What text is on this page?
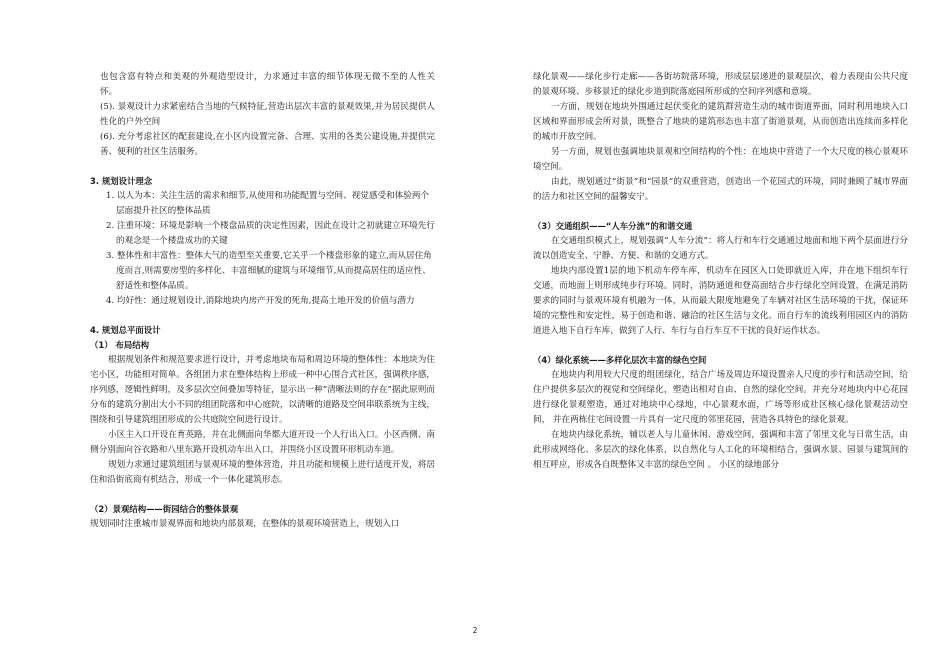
也包含富有特点和美观的外观造型设计，力求通过丰富的细节体现无微不至的人性关怀。

(5). 景观设计力求紧密结合当地的气候特征,营造出层次丰富的景观效果,并为居民提供人性化的户外空间

(6). 充分考虑社区的配套建设,在小区内设置完备、合理、实用的各类公建设施,并提供完善、便利的社区生活服务。

3. 规划设计理念

1. 以人为本：关注生活的需求和细节,从使用和功能配置与空间、视觉感受和体验两个层面提升社区的整体品质

2. 注重环境：环境是影响一个楼盘品质的决定性因素，因此在设计之初就建立环境先行的观念是一个楼盘成功的关键

3. 整体性和丰富性：整体大气的造型至关重要,它关乎一个楼盘形象的建立,而从居住角度而言,则需要房型的多样化、丰富细腻的建筑与环境细节,从而提高居住的适应性、舒适性和整体品质。

4. 均好性：通过规划设计,消除地块内房产开发的死角,提高土地开发的价值与潜力

4. 规划总平面设计

（1） 布局结构

根据规划条件和规范要求进行设计，并考虑地块布局和周边环境的整体性：本地块为住宅小区，功能相对简单。各组团力求在整体结构上形成一种中心围合式社区，强调秩序感，序列感，逻辑性鲜明，及多层次空间叠加等特征，显示出一种“清晰法则的存在”据此原则而分布的建筑分割出大小不同的组团院落和中心庭院，以清晰的道路及空间串联系统为主线，围绕和引导建筑组团形成的公共庭院空间进行设计。

小区主入口开设在育英路，并在北侧面向华都大道开设一个人行出入口。小区西侧、南侧分别面向谷衣路和八里东路开设机动车出入口，并围绕小区设置环形机动车道。

规划力求通过建筑组团与景观环境的整体营造，并且功能和规模上进行适度开发，将居住和沿街底商有机结合，形成一个一体化建筑形态。

（2）景观结构——街园结合的整体景观

规划同时注重城市景观界面和地块内部景观，在整体的景观环境营造上，规划入口

绿化景观——绿化步行走廊——各街坊院落环境，形成层层递进的景观层次，着力表现由公共尺度的景观环境、步移景迁的绿化步道到院落庭园所形成的空间序列感和意境。

一方面，规划在地块外围通过起伏变化的建筑群营造生动的城市街道界面，同时利用地块入口区域和界面形成会所对景，既整合了地块的建筑形态也丰富了街道景观，从而创造出连续而多样化的城市开放空间。

另一方面，规划也强调地块景观和空间结构的个性：在地块中营造了一个大尺度的核心景观环境空间。

由此，规划通过“街景”和“园景”的双重营造，创造出一个花园式的环境，同时兼顾了城市界面的活力和社区空间的温馨安宁。

（3）交通组织——“人车分流”的和谐交通

在交通组织模式上，规划强调“人车分流”：将人行和车行交通通过地面和地下两个层面进行分流以创造安全、宁静、方便、和谐的交通方式。

地块内部设置1层的地下机动车停车库，机动车在园区入口处即就近入库，并在地下组织车行交通，而地面上则形成纯步行环境。同时，消防通道和登高面结合步行绿化空间设置，在满足消防要求的同时与景观环境有机融为一体，从而最大限度地避免了车辆对社区生活环境的干扰，保证环境的完整性和安定性，易于创造和谐、融洽的社区生活与文化。而自行车的流线利用园区内的消防道进入地下自行车库，做到了人行、车行与自行车互不干扰的良好运作状态。

（4）绿化系统——多样化层次丰富的绿色空间

在地块内利用较大尺度的组团绿化，结合广场及周边环境设置亲人尺度的步行和活动空间，给住户提供多层次的视觉和空间绿化，塑造出相对自由、自然的绿化空间。并充分对地块内中心花园进行绿化景观塑造，通过对地块中心绿地，中心景观水面，广场等形成社区核心绿化景观活动空间， 并在两栋住宅间设置一片具有一定尺度的邻里花园，营造各具特色的绿化景观。

在地块内绿化系统，辅以老人与儿童休闲、游戏空间，强调和丰富了邻里文化与日常生活，由此形成网络化、多层次的绿化体系，以自然化与人工化的环境相结合，强调水景、园景与建筑间的相互呼应，形成各自既整体又丰富的绿色空间 。 小区的绿地部分

2
